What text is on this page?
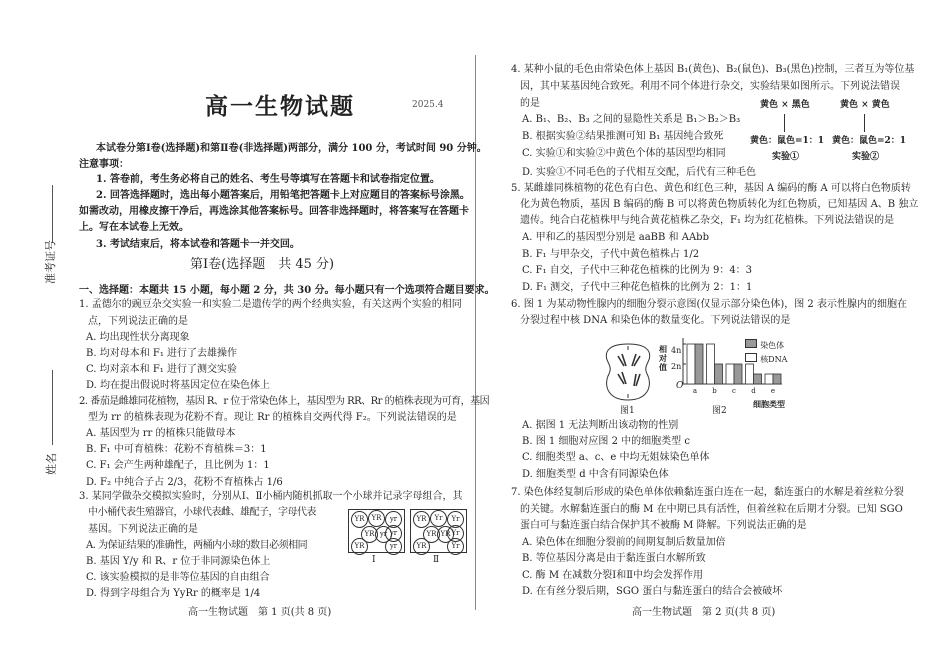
准考证号
姓名
高一生物试题	2025.4
本试卷分第Ⅰ卷(选择题)和第Ⅱ卷(非选择题)两部分，满分 100 分，考试时间 90 分钟。
注意事项：
1. 答卷前，考生务必将自己的姓名、考生号等填写在答题卡和试卷指定位置。
2. 回答选择题时，选出每小题答案后，用铅笔把答题卡上对应题目的答案标号涂黑。
如需改动，用橡皮擦干净后，再选涂其他答案标号。回答非选择题时，将答案写在答题卡
上。写在本试卷上无效。
3. 考试结束后，将本试卷和答题卡一并交回。
第Ⅰ卷(选择题　共 45 分)
一、选择题：本题共 15 小题，每小题 2 分，共 30 分。每小题只有一个选项符合题目要求。
1. 孟德尔的豌豆杂交实验一和实验二是遗传学的两个经典实验，有关这两个实验的相同
点，下列说法正确的是
A. 均出现性状分离现象
B. 均对母本和 F₁ 进行了去雄操作
C. 均对亲本和 F₁ 进行了测交实验
D. 均在提出假说时将基因定位在染色体上
2. 番茄是雌雄同花植物，基因 R、r 位于常染色体上，基因型为 RR、Rr 的植株表现为可育，基因
型为 rr 的植株表现为花粉不育。现让 Rr 的植株自交两代得 F₂。下列说法错误的是
A. 基因型为 rr 的植株只能做母本
B. F₁ 中可育植株：花粉不育植株＝3：1
C. F₁ 会产生两种雄配子，且比例为 1：1
D. F₂ 中纯合子占 2/3，花粉不育植株占 1/6
3. 某同学做杂交模拟实验时，分别从Ⅰ、Ⅱ小桶内随机抓取一个小球并记录字母组合，其
中小桶代表生殖器官，小球代表雌、雄配子，字母代表
基因。下列说法正确的是
A. 为保证结果的准确性，两桶内小球的数目必须相同
B. 基因 Y/y 和 R、r 位于非同源染色体上
C. 该实验模拟的是非等位基因的自由组合
D. 得到字母组合为 YyRr 的概率是 1/4
YR	YR	yr
YR yr yr
YR	yr
YR	Yr	Yr
YR YR Yr
YR	Yr
Ⅰ	Ⅱ
高一生物试题　第 1 页(共 8 页)
4. 某种小鼠的毛色由常染色体上基因 B₁(黄色)、B₂(鼠色)、B₃(黑色)控制，三者互为等位基
因，其中某基因纯合致死。利用不同个体进行杂交，实验结果如图所示。下列说法错误
的是
A. B₁、B₂、B₃ 之间的显隐性关系是 B₁＞B₂＞B₃
B. 根据实验②结果推测可知 B₁ 基因纯合致死
C. 实验①和实验②中黄色个体的基因型均相同
D. 实验①不同毛色的子代相互交配，后代有三种毛色
黄色 × 黑色
黄色：鼠色=1：1
实验①
黄色 × 黄色
黄色：鼠色=2：1
实验②
5. 某雌雄同株植物的花色有白色、黄色和红色三种，基因 A 编码的酶 A 可以将白色物质转
化为黄色物质，基因 B 编码的酶 B 可以将黄色物质转化为红色物质，已知基因 A、B 独立
遗传。纯合白花植株甲与纯合黄花植株乙杂交，F₁ 均为红花植株。下列说法错误的是
A. 甲和乙的基因型分别是 aaBB 和 AAbb
B. F₁ 与甲杂交，子代中黄色植株占 1/2
C. F₁ 自交，子代中三种花色植株的比例为 9：4：3
D. F₁ 测交，子代中三种花色植株的比例为 2：1：1
6. 图 1 为某动物性腺内的细胞分裂示意图(仅显示部分染色体)，图 2 表示性腺内的细胞在
分裂过程中核 DNA 和染色体的数量变化。下列说法错误的是
图1
a b c d e
相对值
O
4n
2n
细胞类型
图2
染色体
核DNA
A. 据图 1 无法判断出该动物的性别
B. 图 1 细胞对应图 2 中的细胞类型 c
C. 细胞类型 a、c、e 中均无姐妹染色单体
D. 细胞类型 d 中含有同源染色体
7. 染色体经复制后形成的染色单体依赖黏连蛋白连在一起，黏连蛋白的水解是着丝粒分裂
的关键。水解黏连蛋白的酶 M 在中期已具有活性，但着丝粒在后期才分裂。已知 SGO
蛋白可与黏连蛋白结合保护其不被酶 M 降解。下列说法正确的是
A. 染色体在细胞分裂前的间期复制后数量加倍
B. 等位基因分离是由于黏连蛋白水解所致
C. 酶 M 在减数分裂Ⅰ和Ⅱ中均会发挥作用
D. 在有丝分裂后期，SGO 蛋白与黏连蛋白的结合会被破坏
高一生物试题　第 2 页(共 8 页)
